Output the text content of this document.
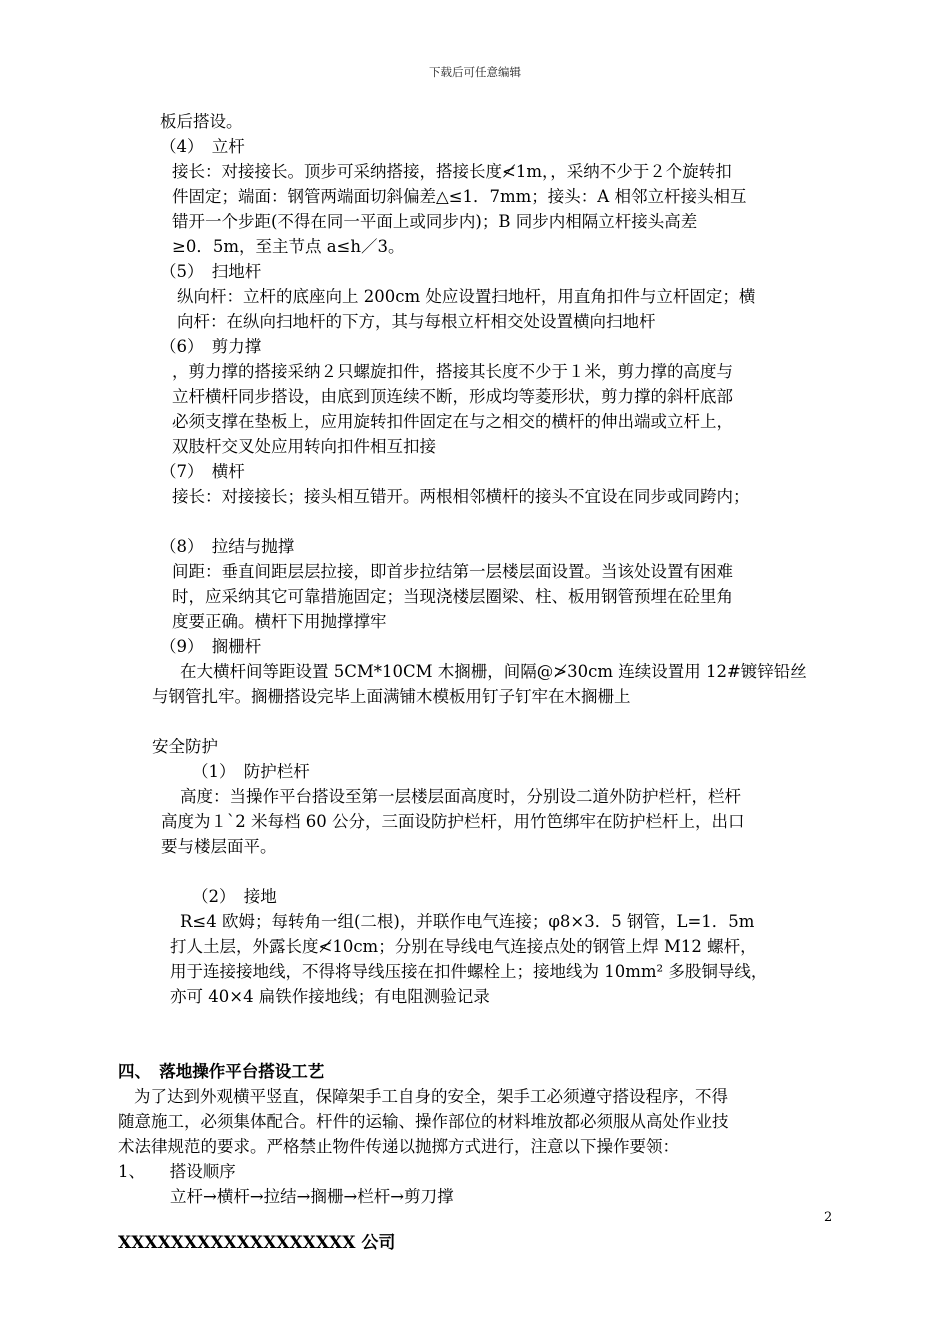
下载后可任意编辑
板后搭设。
（4）　立杆
接长：对接接长。顶步可采纳搭接，搭接长度≮1m，，采纳不少于２个旋转扣
件固定；端面：钢管两端面切斜偏差△≤1．7mm；接头：A 相邻立杆接头相互
错开一个步距(不得在同一平面上或同步内)；B 同步内相隔立杆接头高差
≥0．5m，至主节点 a≤h／3。
（5）　扫地杆
纵向杆：立杆的底座向上 200cm 处应设置扫地杆，用直角扣件与立杆固定；横
向杆：在纵向扫地杆的下方，其与每根立杆相交处设置横向扫地杆
（6）　剪力撑
，剪力撑的搭接采纳２只螺旋扣件，搭接其长度不少于１米，剪力撑的高度与
立杆横杆同步搭设，由底到顶连续不断，形成均等菱形状，剪力撑的斜杆底部
必须支撑在垫板上，应用旋转扣件固定在与之相交的横杆的伸出端或立杆上，
双肢杆交叉处应用转向扣件相互扣接
（7）　横杆
接长：对接接长；接头相互错开。两根相邻横杆的接头不宜设在同步或同跨内；
（8）　拉结与抛撑
间距：垂直间距层层拉接，即首步拉结第一层楼层面设置。当该处设置有困难
时，应采纳其它可靠措施固定；当现浇楼层圈梁、柱、板用钢管预埋在砼里角
度要正确。横杆下用抛撑撑牢
（9）　搁栅杆
在大横杆间等距设置 5CM*10CM 木搁栅，间隔@≯30cm 连续设置用 12#镀锌铅丝
与钢管扎牢。搁栅搭设完毕上面满铺木模板用钉子钉牢在木搁栅上
安全防护
（1）　防护栏杆
高度：当操作平台搭设至第一层楼层面高度时，分别设二道外防护栏杆，栏杆
高度为１`2 米每档 60 公分，三面设防护栏杆，用竹笆绑牢在防护栏杆上，出口
要与楼层面平。
（2）　接地
R≤4 欧姆；每转角一组(二根)，并联作电气连接；φ8×3．5 钢管，L=1．5m
打人土层，外露长度≮10cm；分别在导线电气连接点处的钢管上焊 M12 螺杆，
用于连接接地线，不得将导线压接在扣件螺栓上；接地线为 10mm² 多股铜导线，
亦可 40×4 扁铁作接地线；有电阻测验记录
四、　落地操作平台搭设工艺
为了达到外观横平竖直，保障架手工自身的安全，架手工必须遵守搭设程序，不得
随意施工，必须集体配合。杆件的运输、操作部位的材料堆放都必须服从高处作业技
术法律规范的要求。严格禁止物件传递以抛掷方式进行，注意以下操作要领：
1、　　搭设顺序
立杆→横杆→拉结→搁栅→栏杆→剪刀撑
2
XXXXXXXXXXXXXXXXXX 公司
